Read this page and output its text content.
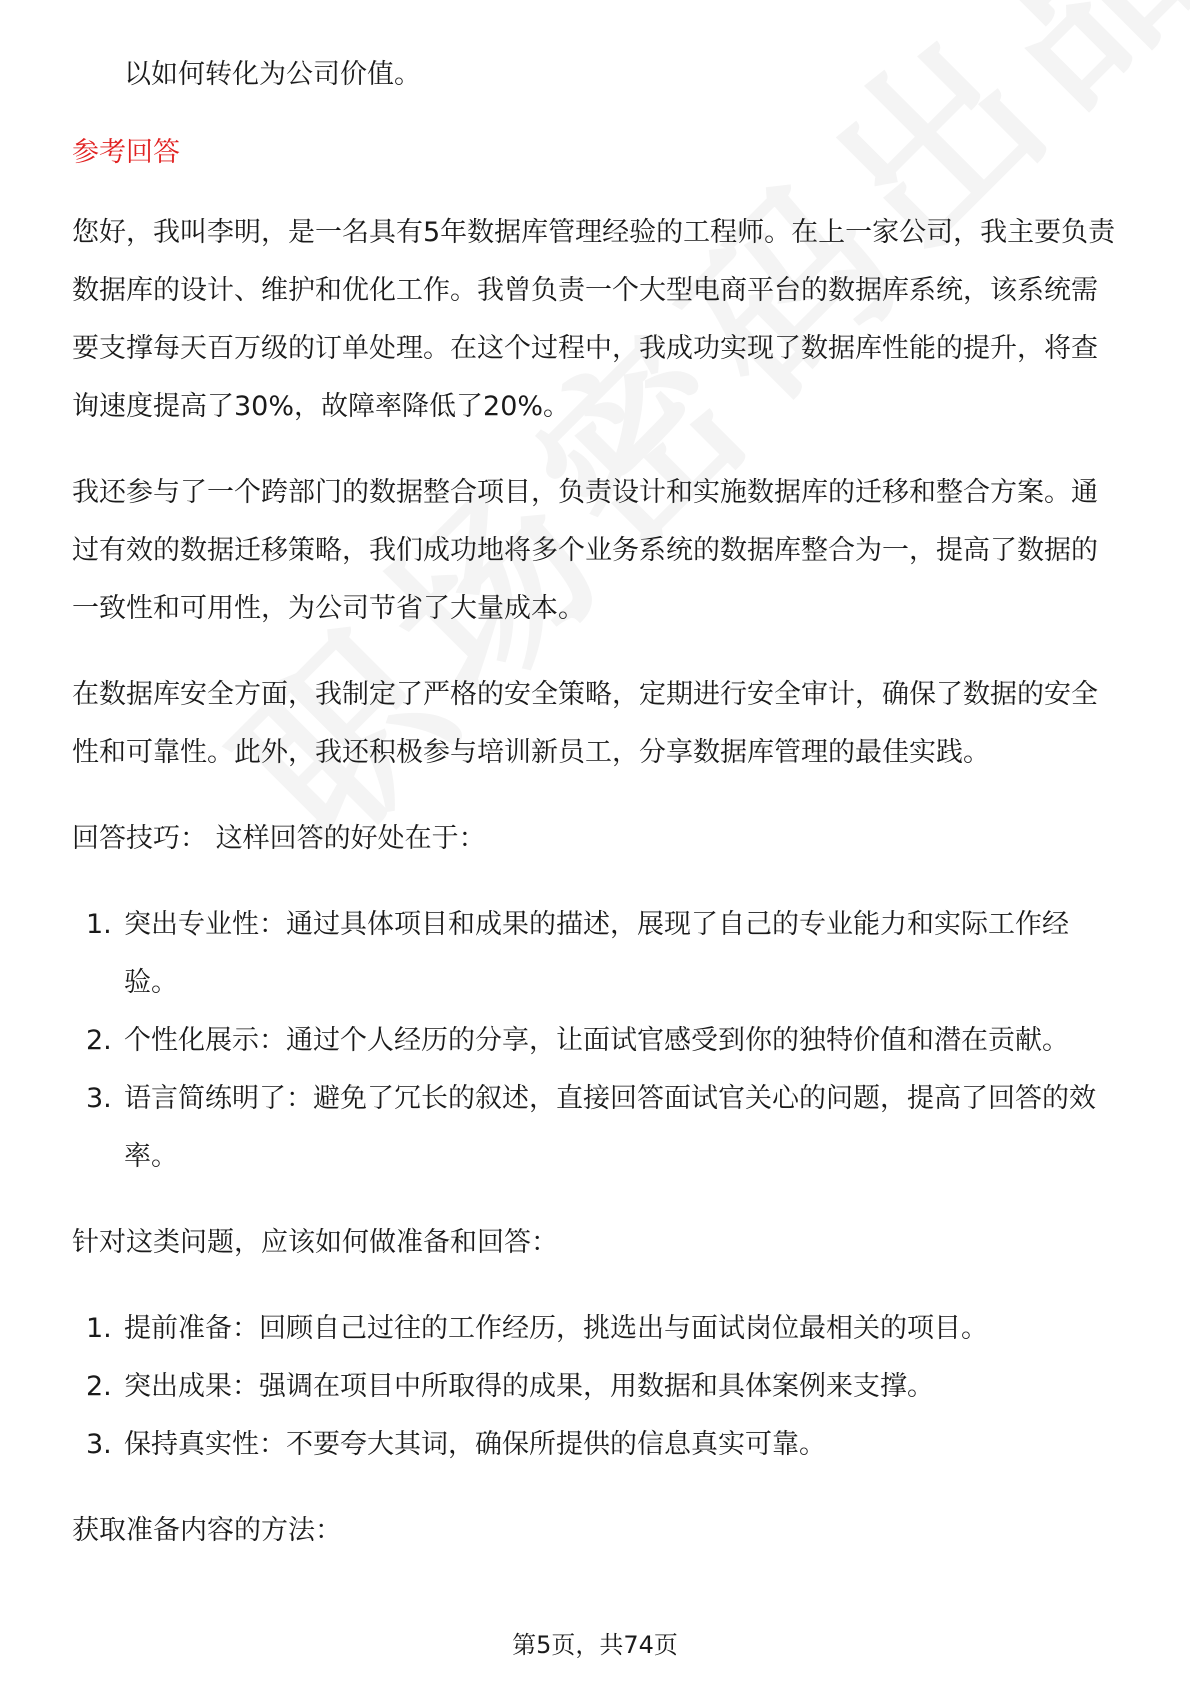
以如何转化为公司价值。
参考回答

您好，我叫李明，是一名具有5年数据库管理经验的工程师。在上一家公司，我主要负责数据库的设计、维护和优化工作。我曾负责一个大型电商平台的数据库系统，该系统需要支撑每天百万级的订单处理。在这个过程中，我成功实现了数据库性能的提升，将查询速度提高了30%，故障率降低了20%。

我还参与了一个跨部门的数据整合项目，负责设计和实施数据库的迁移和整合方案。通过有效的数据迁移策略，我们成功地将多个业务系统的数据库整合为一，提高了数据的一致性和可用性，为公司节省了大量成本。

在数据库安全方面，我制定了严格的安全策略，定期进行安全审计，确保了数据的安全性和可靠性。此外，我还积极参与培训新员工，分享数据库管理的最佳实践。

回答技巧： 这样回答的好处在于：

1. 突出专业性：通过具体项目和成果的描述，展现了自己的专业能力和实际工作经验。
2. 个性化展示：通过个人经历的分享，让面试官感受到你的独特价值和潜在贡献。
3. 语言简练明了：避免了冗长的叙述，直接回答面试官关心的问题，提高了回答的效率。

针对这类问题，应该如何做准备和回答：

1. 提前准备：回顾自己过往的工作经历，挑选出与面试岗位最相关的项目。
2. 突出成果：强调在项目中所取得的成果，用数据和具体案例来支撑。
3. 保持真实性：不要夸大其词，确保所提供的信息真实可靠。

获取准备内容的方法：

第5页，共74页
